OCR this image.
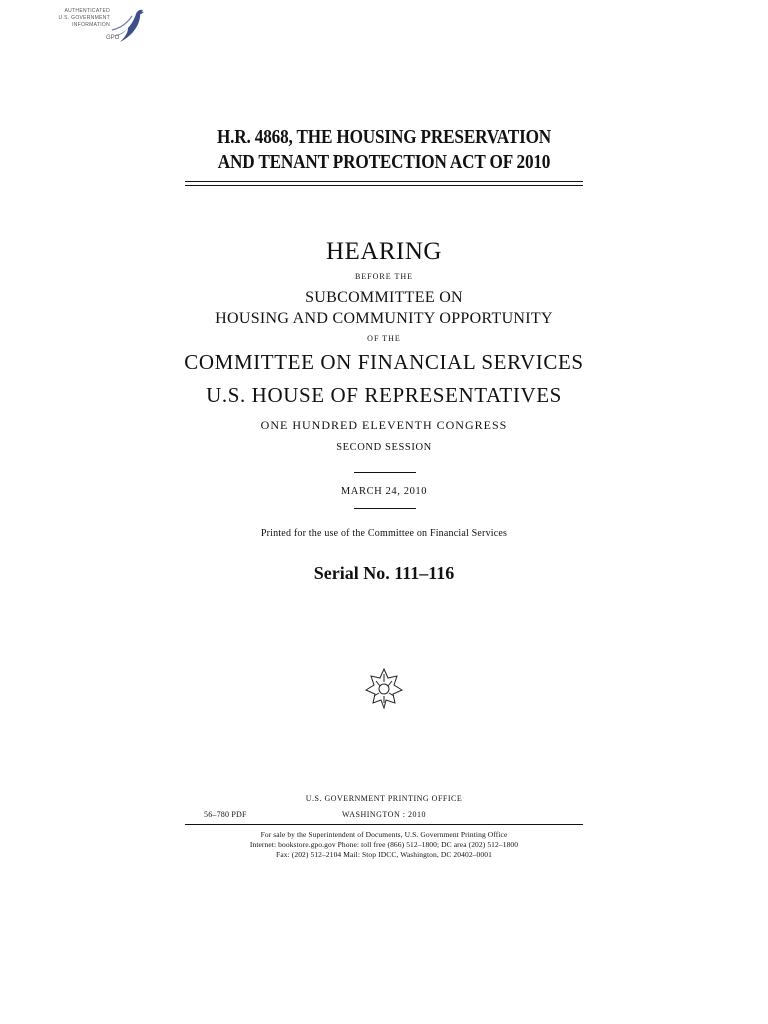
AUTHENTICATED
U.S. GOVERNMENT
INFORMATION
GPO
H.R. 4868, THE HOUSING PRESERVATION
AND TENANT PROTECTION ACT OF 2010
HEARING
BEFORE THE
SUBCOMMITTEE ON
HOUSING AND COMMUNITY OPPORTUNITY
OF THE
COMMITTEE ON FINANCIAL SERVICES
U.S. HOUSE OF REPRESENTATIVES
ONE HUNDRED ELEVENTH CONGRESS
SECOND SESSION
MARCH 24, 2010
Printed for the use of the Committee on Financial Services
Serial No. 111–116
U.S. GOVERNMENT PRINTING OFFICE
56–780 PDF	WASHINGTON : 2010
For sale by the Superintendent of Documents, U.S. Government Printing Office
Internet: bookstore.gpo.gov Phone: toll free (866) 512–1800; DC area (202) 512–1800
Fax: (202) 512–2104 Mail: Stop IDCC, Washington, DC 20402–0001
